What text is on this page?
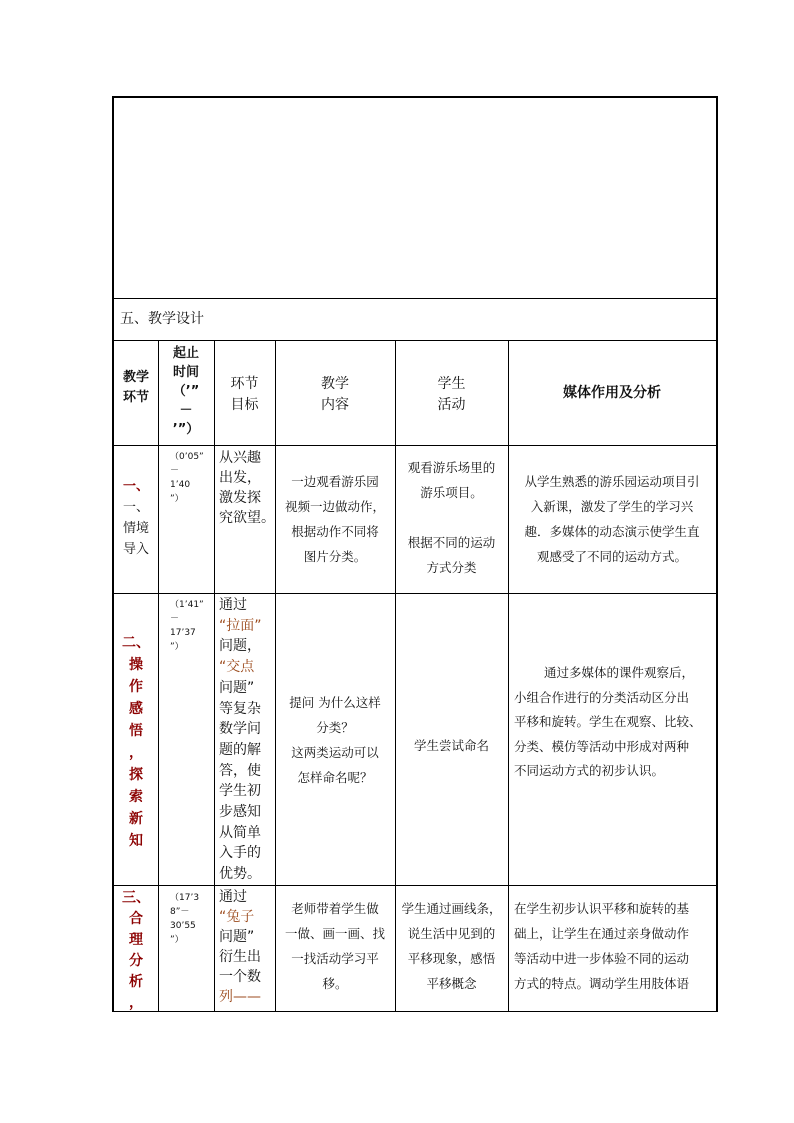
五、教学设计
教学
环节
起止
时间
（’”
－
’”）
环节
目标
教学
内容
学生
活动
媒体作用及分析
一、
一、
情境
导入
（0’05”
－
1’40
”）
从兴趣
出发，
激发探
究欲望。
一边观看游乐园
视频一边做动作，
根据动作不同将
图片分类。
观看游乐场里的
游乐项目。
根据不同的运动
方式分类
从学生熟悉的游乐园运动项目引
入新课，激发了学生的学习兴
趣．多媒体的动态演示使学生直
观感受了不同的运动方式。
二、
操
作
感
悟
，
探
索
新
知
（1’41”
－
17’37
”）
通过
“拉面”
问题，
“交点
问题”
等复杂
数学问
题的解
答，使
学生初
步感知
从简单
入手的
优势。
提问 为什么这样
分类？
这两类运动可以
怎样命名呢？
学生尝试命名
通过多媒体的课件观察后，
小组合作进行的分类活动区分出
平移和旋转。学生在观察、比较、
分类、模仿等活动中形成对两种
不同运动方式的初步认识。
三、
合
理
分
析
，
（17’3
8”－
30’55
”）
通过
“兔子
问题”
衍生出
一个数
列——
老师带着学生做
一做、画一画、找
一找活动学习平
移。
学生通过画线条，
说生活中见到的
平移现象，感悟
平移概念
在学生初步认识平移和旋转的基
础上，让学生在通过亲身做动作
等活动中进一步体验不同的运动
方式的特点。调动学生用肢体语
